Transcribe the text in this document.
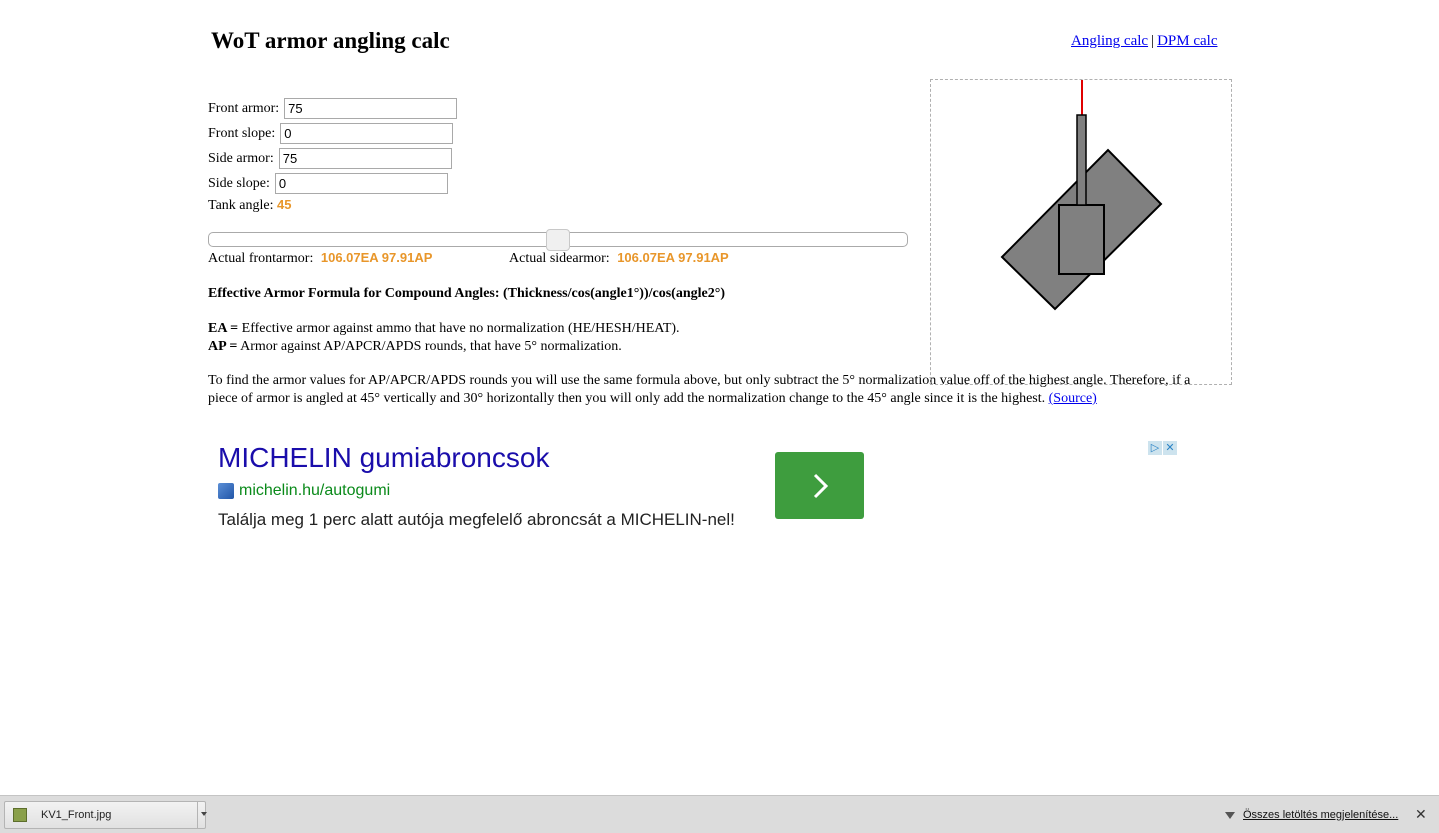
WoT armor angling calc	Angling calc | DPM calc
Front armor:
75
Front slope:
0
Side armor:
75
Side slope:
0
Tank angle: 45
Actual frontarmor: 106.07EA 97.91AP	Actual sidearmor: 106.07EA 97.91AP
Effective Armor Formula for Compound Angles: (Thickness/cos(angle1°))/cos(angle2°)
EA = Effective armor against ammo that have no normalization (HE/HESH/HEAT).
AP = Armor against AP/APCR/APDS rounds, that have 5° normalization.
To find the armor values for AP/APCR/APDS rounds you will use the same formula above, but only subtract the 5° normalization value off of the highest angle. Therefore, if a piece of armor is angled at 45° vertically and 30° horizontally then you will only add the normalization change to the 45° angle since it is the highest. (Source)
MICHELIN gumiabroncsok
michelin.hu/autogumi
Találja meg 1 perc alatt autója megfelelő abroncsát a MICHELIN-nel!
▷ ✕
KV1_Front.jpg	Összes letöltés megjelenítése... ✕
